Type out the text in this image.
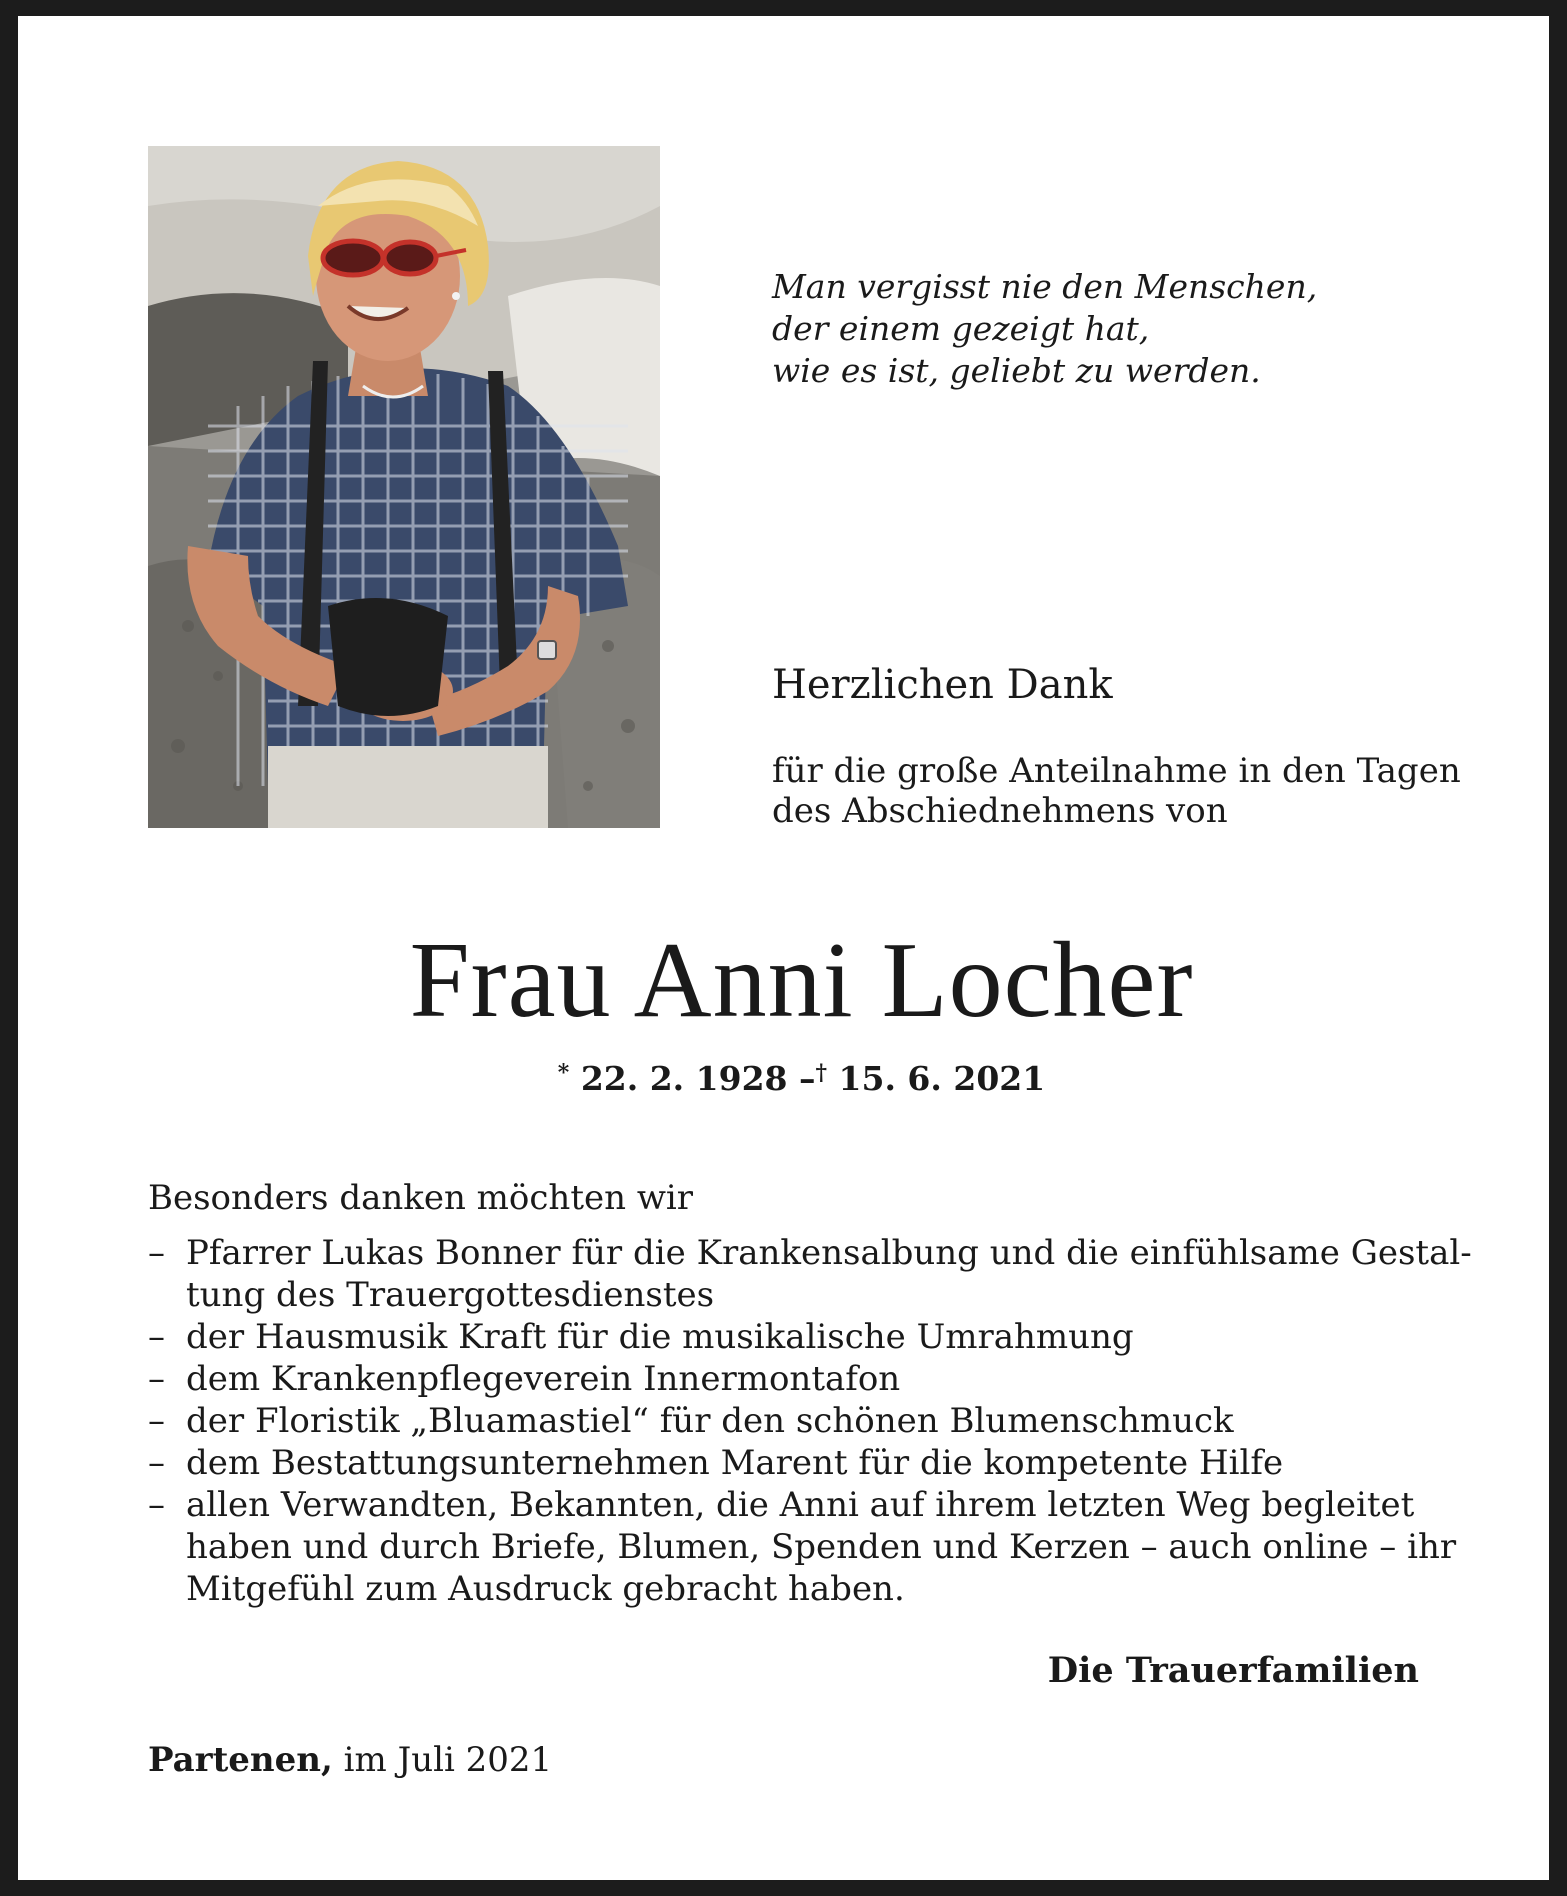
Man vergisst nie den Menschen,
der einem gezeigt hat,
wie es ist, geliebt zu werden.
Herzlichen Dank
für die große Anteilnahme in den Tagen
des Abschiednehmens von
Frau Anni Locher
* 22. 2. 1928 –† 15. 6. 2021
Besonders danken möchten wir
– Pfarrer Lukas Bonner für die Krankensalbung und die einfühlsame Gestal-
tung des Trauergottesdienstes
– der Hausmusik Kraft für die musikalische Umrahmung
– dem Krankenpflegeverein Innermontafon
– der Floristik „Bluamastiel“ für den schönen Blumenschmuck
– dem Bestattungsunternehmen Marent für die kompetente Hilfe
– allen Verwandten, Bekannten, die Anni auf ihrem letzten Weg begleitet
haben und durch Briefe, Blumen, Spenden und Kerzen – auch online – ihr
Mitgefühl zum Ausdruck gebracht haben.
Die Trauerfamilien
Partenen, im Juli 2021
